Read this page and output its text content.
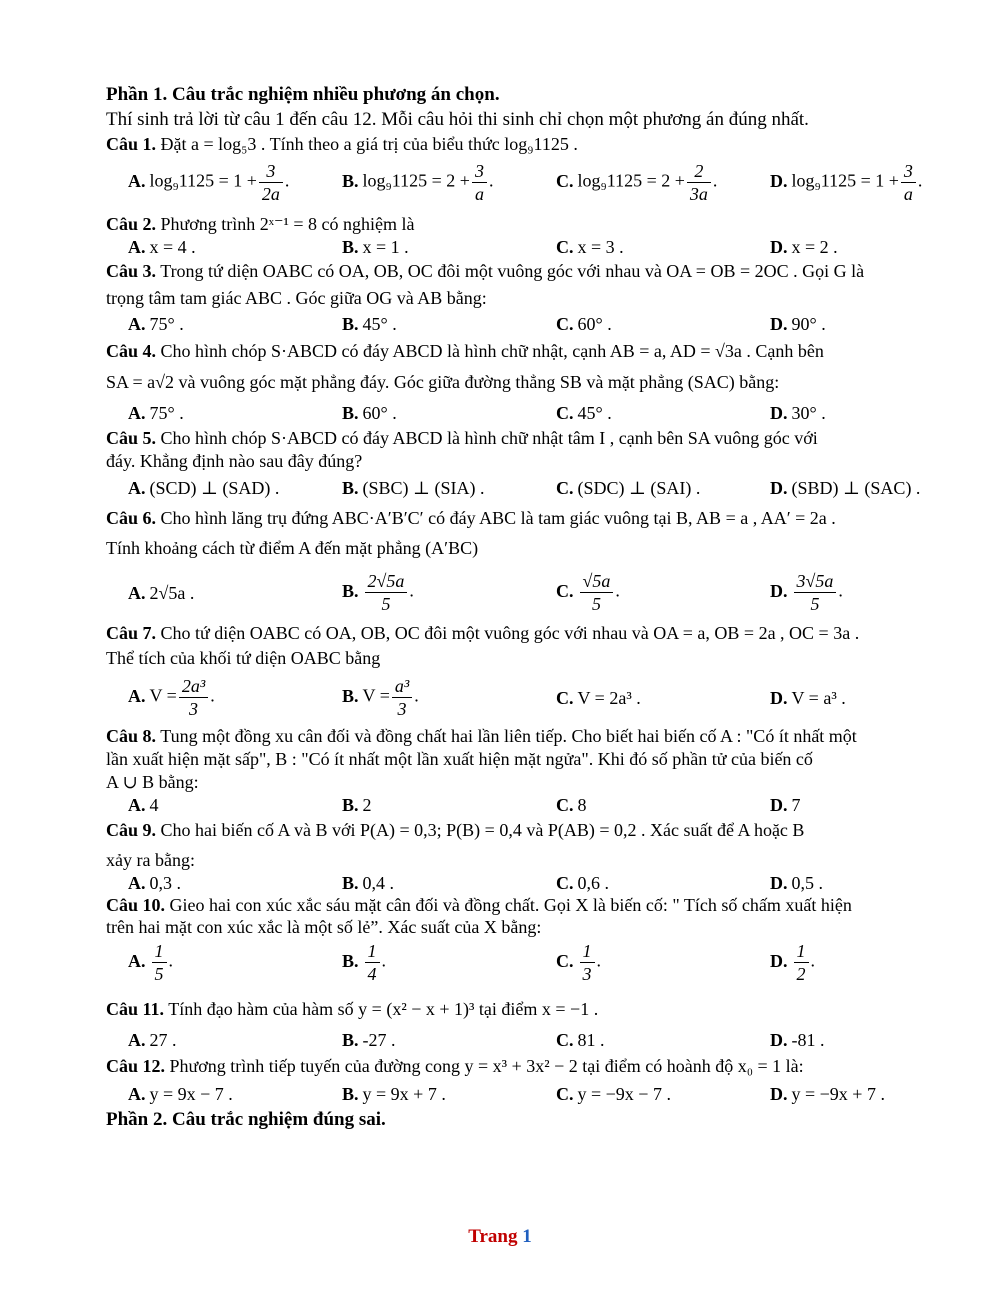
Phần 1. Câu trắc nghiệm nhiều phương án chọn.
Thí sinh trả lời từ câu 1 đến câu 12. Mỗi câu hỏi thi sinh chỉ chọn một phương án đúng nhất.
Câu 1. Đặt a = log₅3 . Tính theo a giá trị của biểu thức log₉1125 .
A. $\log_91125 = 1 + \frac{3}{2a}$ .	B. $\log_91125 = 2 + \frac{3}{a}$ .	C. $\log_91125 = 2 + \frac{2}{3a}$ .	D. $\log_91125 = 1 + \frac{3}{a}$ .
Câu 2. Phương trình 2ˣ⁻¹ = 8 có nghiệm là
A. x = 4 .	B. x = 1 .	C. x = 3 .	D. x = 2 .
Câu 3. Trong tứ diện OABC có OA, OB, OC đôi một vuông góc với nhau và OA = OB = 2OC . Gọi G là
trọng tâm tam giác ABC . Góc giữa OG và AB bằng:
A. 75° .	B. 45° .	C. 60° .	D. 90° .
Câu 4. Cho hình chóp S·ABCD có đáy ABCD là hình chữ nhật, cạnh AB = a, AD = √3a . Cạnh bên
SA = a√2 và vuông góc mặt phẳng đáy. Góc giữa đường thẳng SB và mặt phẳng (SAC) bằng:
A. 75° .	B. 60° .	C. 45° .	D. 30° .
Câu 5. Cho hình chóp S·ABCD có đáy ABCD là hình chữ nhật tâm I , cạnh bên SA vuông góc với
đáy. Khẳng định nào sau đây đúng?
A. (SCD) ⊥ (SAD) .	B. (SBC) ⊥ (SIA) .	C. (SDC) ⊥ (SAI) .	D. (SBD) ⊥ (SAC) .
Câu 6. Cho hình lăng trụ đứng ABC·A′B′C′ có đáy ABC là tam giác vuông tại B, AB = a , AA′ = 2a .
Tính khoảng cách từ điểm A đến mặt phẳng (A′BC)
A. 2√5a .	B. $\frac{2√5a}{5}$ .	C. $\frac{√5a}{5}$ .	D. $\frac{3√5a}{5}$ .
Câu 7. Cho tứ diện OABC có OA, OB, OC đôi một vuông góc với nhau và OA = a, OB = 2a , OC = 3a .
Thể tích của khối tứ diện OABC bằng
A. $V = \frac{\text{2a³}}{3}$ .	B. $V = \frac{\text{a³}}{3}$ .	C. V = 2a³ .	D. V = a³ .
Câu 8. Tung một đồng xu cân đối và đồng chất hai lần liên tiếp. Cho biết hai biến cố A : "Có ít nhất một
lần xuất hiện mặt sấp", B : "Có ít nhất một lần xuất hiện mặt ngửa". Khi đó số phần tử của biến cố
A ∪ B bằng:
A. 4	B. 2	C. 8	D. 7
Câu 9. Cho hai biến cố A và B với P(A) = 0,3; P(B) = 0,4 và P(AB) = 0,2 . Xác suất để A hoặc B
xảy ra bằng:
A. 0,3 .	B. 0,4 .	C. 0,6 .	D. 0,5 .
Câu 10. Gieo hai con xúc xắc sáu mặt cân đối và đồng chất. Gọi X là biến cố: " Tích số chấm xuất hiện
trên hai mặt con xúc xắc là một số lẻ”. Xác suất của X bằng:
A. $\frac{1}{5}$ .	B. $\frac{1}{4}$ .	C. $\frac{1}{3}$ .	D. $\frac{1}{2}$ .
Câu 11. Tính đạo hàm của hàm số y = (x² − x + 1)³ tại điểm x = −1 .
A. 27 .	B. -27 .	C. 81 .	D. -81 .
Câu 12. Phương trình tiếp tuyến của đường cong y = x³ + 3x² − 2 tại điểm có hoành độ x₀ = 1 là:
A. y = 9x − 7 .	B. y = 9x + 7 .	C. y = −9x − 7 .	D. y = −9x + 7 .
Phần 2. Câu trắc nghiệm đúng sai.
Trang 1
